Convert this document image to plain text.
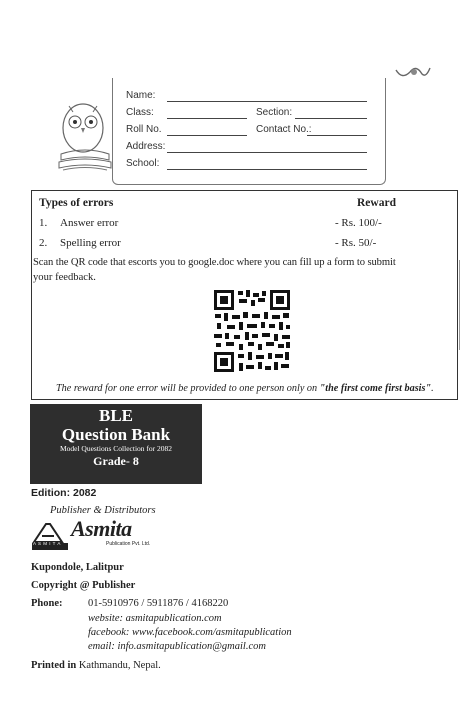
Name:
Class:	Section:
Roll No.	Contact No.:
Address:
School:
Types of errors	Reward
1. Answer error	- Rs. 100/-
2. Spelling error	- Rs. 50/-
Scan the QR code that escorts you to google.doc where you can fill up a form to submit
your feedback.
The reward for one error will be provided to one person only on "the first come first basis".
BLE
Question Bank
Model Questions Collection for 2082
Grade- 8
Edition: 2082
Publisher & Distributors
A S M I T A
Asmita
Publication Pvt. Ltd.
Kupondole, Lalitpur
Copyright @ Publisher
Phone: 01-5910976 / 5911876 / 4168220
website: asmitapublication.com
facebook: www.facebook.com/asmitapublication
email: info.asmitapublication@gmail.com
Printed in Kathmandu, Nepal.
